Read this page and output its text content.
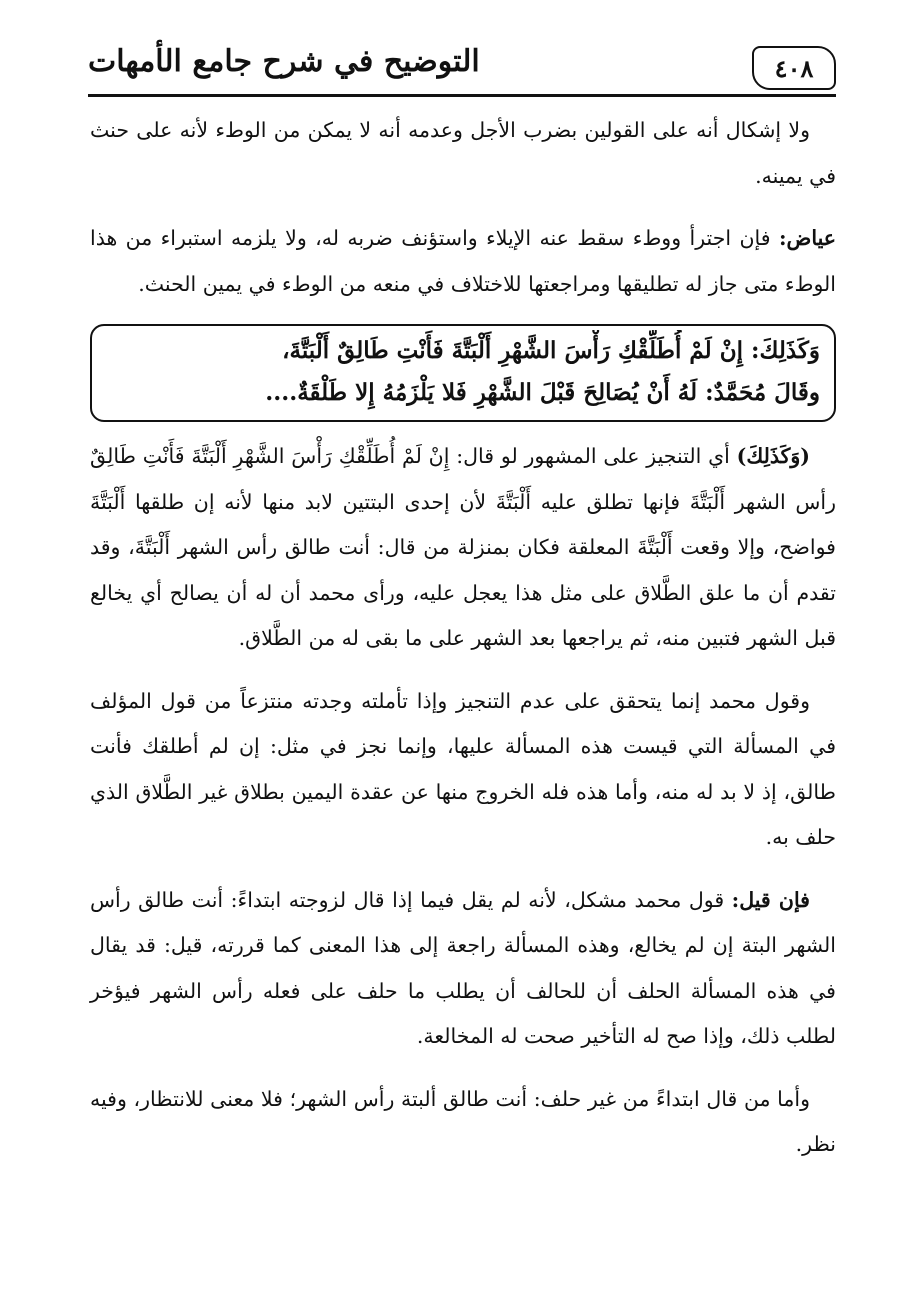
٤٠٨
التوضيح في شرح جامع الأمهات

ولا إشكال أنه على القولين بضرب الأجل وعدمه أنه لا يمكن من الوطء لأنه على حنث في يمينه.

عياض: فإن اجترأ ووطء سقط عنه الإيلاء واستؤنف ضربه له، ولا يلزمه استبراء من هذا الوطء متى جاز له تطليقها ومراجعتها للاختلاف في منعه من الوطء في يمين الحنث.

وَكَذَلِكَ: إِنْ لَمْ أُطَلِّقْكِ رَأْسَ الشَّهْرِ أَلْبَتَّةَ فَأَنْتِ طَالِقٌ أَلْبَتَّةَ،
وقَالَ مُحَمَّدٌ: لَهُ أَنْ يُصَالِحَ قَبْلَ الشَّهْرِ فَلا يَلْزَمُهُ إِلا طَلْقَةٌ....

(وَكَذَلِكَ) أي التنجيز على المشهور لو قال: إِنْ لَمْ أُطَلِّقْكِ رَأْسَ الشَّهْرِ أَلْبَتَّةَ فَأَنْتِ طَالِقٌ رأس الشهر أَلْبَتَّةَ فإنها تطلق عليه أَلْبَتَّةَ لأن إحدى البتتين لابد منها لأنه إن طلقها أَلْبَتَّةَ فواضح، وإلا وقعت أَلْبَتَّةَ المعلقة فكان بمنزلة من قال: أنت طالق رأس الشهر أَلْبَتَّةَ، وقد تقدم أن ما علق الطَّلاق على مثل هذا يعجل عليه، ورأى محمد أن له أن يصالح أي يخالع قبل الشهر فتبين منه، ثم يراجعها بعد الشهر على ما بقى له من الطَّلاق.

وقول محمد إنما يتحقق على عدم التنجيز وإذا تأملته وجدته منتزعاً من قول المؤلف في المسألة التي قيست هذه المسألة عليها، وإنما نجز في مثل: إن لم أطلقك فأنت طالق، إذ لا بد له منه، وأما هذه فله الخروج منها عن عقدة اليمين بطلاق غير الطَّلاق الذي حلف به.

فإن قيل: قول محمد مشكل، لأنه لم يقل فيما إذا قال لزوجته ابتداءً: أنت طالق رأس الشهر البتة إن لم يخالع، وهذه المسألة راجعة إلى هذا المعنى كما قررته، قيل: قد يقال في هذه المسألة الحلف أن للحالف أن يطلب ما حلف على فعله رأس الشهر فيؤخر لطلب ذلك، وإذا صح له التأخير صحت له المخالعة.

وأما من قال ابتداءً من غير حلف: أنت طالق ألبتة رأس الشهر؛ فلا معنى للانتظار، وفيه نظر.
